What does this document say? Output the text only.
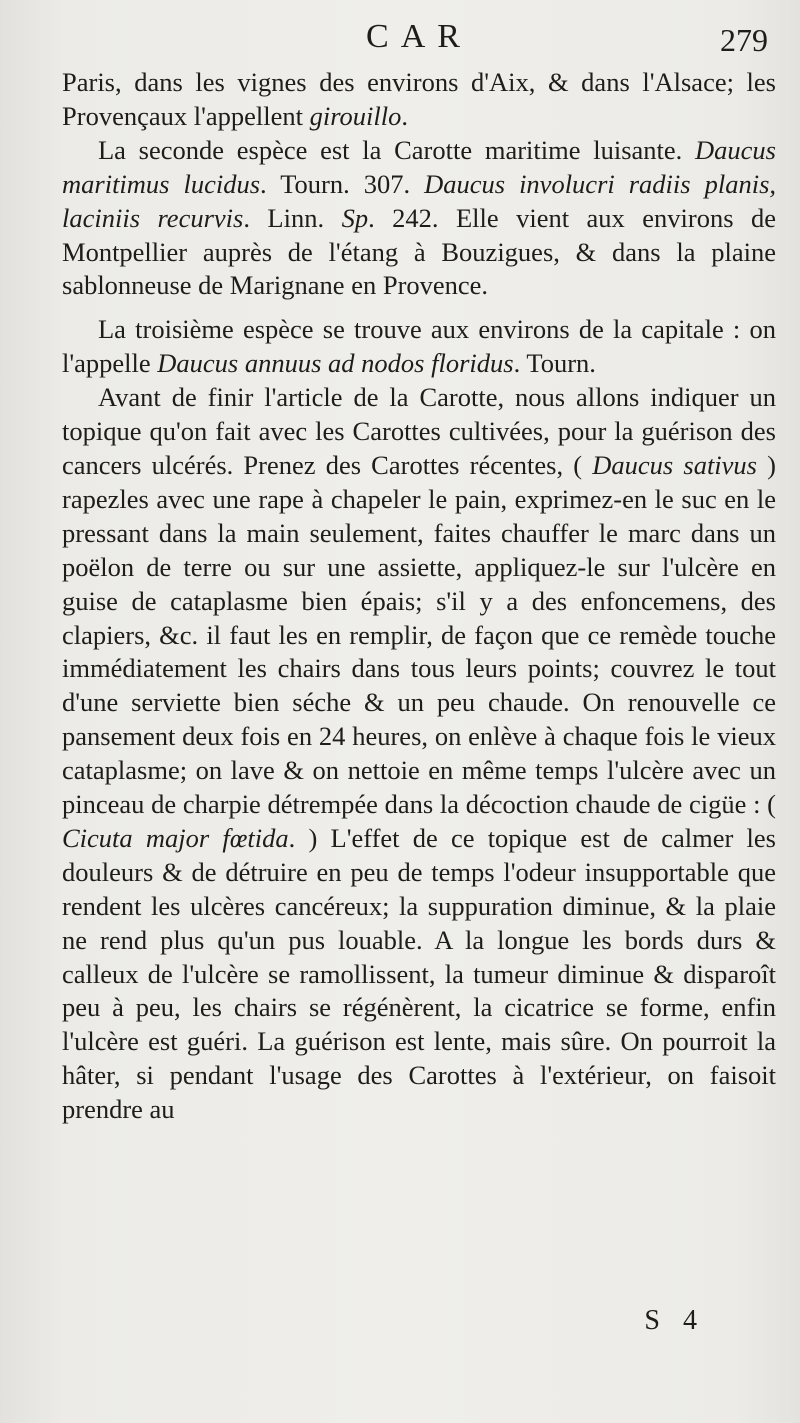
CAR	279

Paris, dans les vignes des environs d'Aix, & dans l'Alsace; les Provençaux l'appellent girouillo.

La seconde espèce est la Carotte maritime luisante. Daucus maritimus lucidus. Tourn. 307. Daucus involucri radiis planis, laciniis recurvis. Linn. Sp. 242. Elle vient aux environs de Montpellier auprès de l'étang à Bouzigues, & dans la plaine sablonneuse de Marignane en Provence.

La troisième espèce se trouve aux environs de la capitale : on l'appelle Daucus annuus ad nodos floridus. Tourn.

Avant de finir l'article de la Carotte, nous allons indiquer un topique qu'on fait avec les Carottes cultivées, pour la guérison des cancers ulcérés. Prenez des Carottes récentes, ( Daucus sativus ) rapezles avec une rape à chapeler le pain, exprimez-en le suc en le pressant dans la main seulement, faites chauffer le marc dans un poëlon de terre ou sur une assiette, appliquez-le sur l'ulcère en guise de cataplasme bien épais; s'il y a des enfoncemens, des clapiers, &c. il faut les en remplir, de façon que ce remède touche immédiatement les chairs dans tous leurs points; couvrez le tout d'une serviette bien séche & un peu chaude. On renouvelle ce pansement deux fois en 24 heures, on enlève à chaque fois le vieux cataplasme; on lave & on nettoie en même temps l'ulcère avec un pinceau de charpie détrempée dans la décoction chaude de cigüe : ( Cicuta major fœtida. ) L'effet de ce topique est de calmer les douleurs & de détruire en peu de temps l'odeur insupportable que rendent les ulcères cancéreux; la suppuration diminue, & la plaie ne rend plus qu'un pus louable. A la longue les bords durs & calleux de l'ulcère se ramollissent, la tumeur diminue & disparoît peu à peu, les chairs se régénèrent, la cicatrice se forme, enfin l'ulcère est guéri. La guérison est lente, mais sûre. On pourroit la hâter, si pendant l'usage des Carottes à l'extérieur, on faisoit prendre au

S 4
